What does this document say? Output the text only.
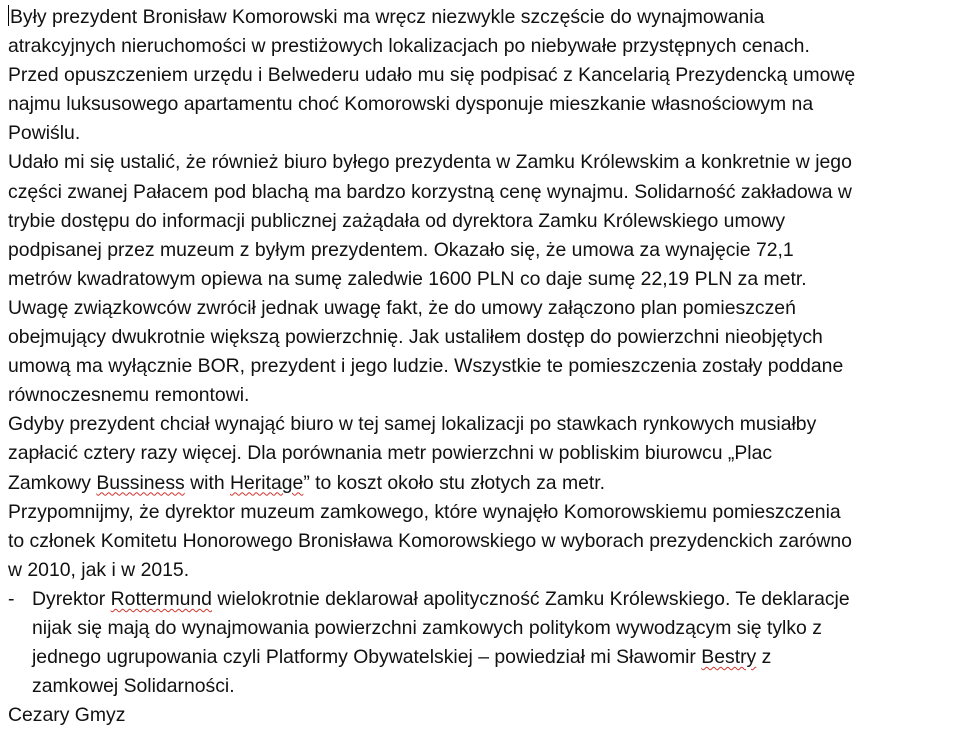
Były prezydent Bronisław Komorowski ma wręcz niezwykle szczęście do wynajmowania
atrakcyjnych nieruchomości w prestiżowych lokalizacjach po niebywałe przystępnych cenach.
Przed opuszczeniem urzędu i Belwederu udało mu się podpisać z Kancelarią Prezydencką umowę
najmu luksusowego apartamentu choć Komorowski dysponuje mieszkanie własnościowym na
Powiślu.
Udało mi się ustalić, że również biuro byłego prezydenta w Zamku Królewskim a konkretnie w jego
części zwanej Pałacem pod blachą ma bardzo korzystną cenę wynajmu. Solidarność zakładowa w
trybie dostępu do informacji publicznej zażądała od dyrektora Zamku Królewskiego umowy
podpisanej przez muzeum z byłym prezydentem. Okazało się, że umowa za wynajęcie 72,1
metrów kwadratowym opiewa na sumę zaledwie 1600 PLN co daje sumę 22,19 PLN za metr.
Uwagę związkowców zwrócił jednak uwagę fakt, że do umowy załączono plan pomieszczeń
obejmujący dwukrotnie większą powierzchnię. Jak ustaliłem dostęp do powierzchni nieobjętych
umową ma wyłącznie BOR, prezydent i jego ludzie. Wszystkie te pomieszczenia zostały poddane
równoczesnemu remontowi.
Gdyby prezydent chciał wynająć biuro w tej samej lokalizacji po stawkach rynkowych musiałby
zapłacić cztery razy więcej. Dla porównania metr powierzchni w pobliskim biurowcu „Plac
Zamkowy Bussiness with Heritage” to koszt około stu złotych za metr.
Przypomnijmy, że dyrektor muzeum zamkowego, które wynajęło Komorowskiemu pomieszczenia
to członek Komitetu Honorowego Bronisława Komorowskiego w wyborach prezydenckich zarówno
w 2010, jak i w 2015.
- Dyrektor Rottermund wielokrotnie deklarował apolityczność Zamku Królewskiego. Te deklaracje
nijak się mają do wynajmowania powierzchni zamkowych politykom wywodzącym się tylko z
jednego ugrupowania czyli Platformy Obywatelskiej – powiedział mi Sławomir Bestry z
zamkowej Solidarności.
Cezary Gmyz
